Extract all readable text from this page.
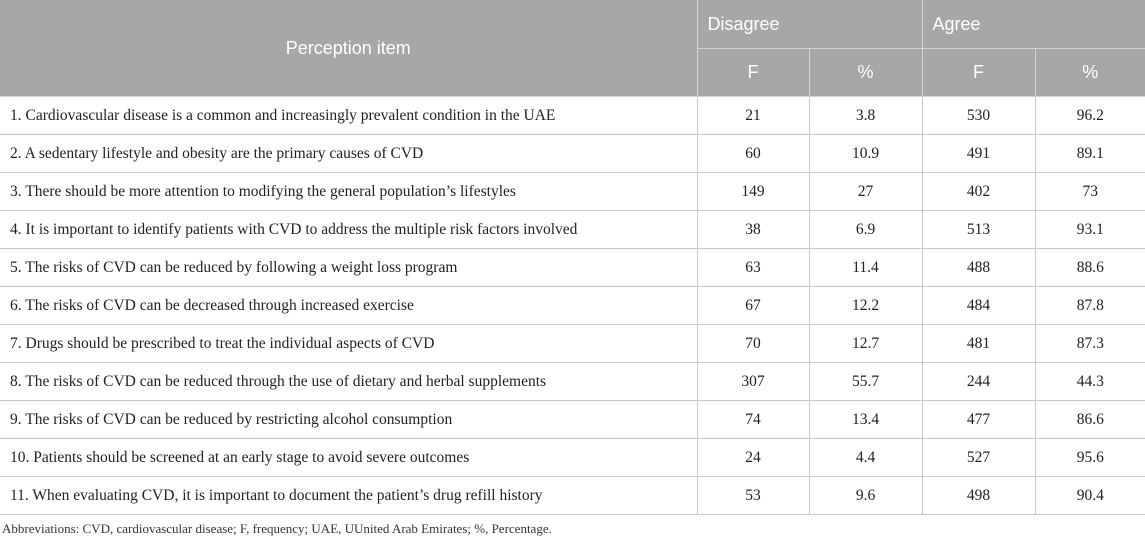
Perception item	Disagree		Agree	
	F	%	F	%
1. Cardiovascular disease is a common and increasingly prevalent condition in the UAE	21	3.8	530	96.2
2. A sedentary lifestyle and obesity are the primary causes of CVD	60	10.9	491	89.1
3. There should be more attention to modifying the general population’s lifestyles	149	27	402	73
4. It is important to identify patients with CVD to address the multiple risk factors involved	38	6.9	513	93.1
5. The risks of CVD can be reduced by following a weight loss program	63	11.4	488	88.6
6. The risks of CVD can be decreased through increased exercise	67	12.2	484	87.8
7. Drugs should be prescribed to treat the individual aspects of CVD	70	12.7	481	87.3
8. The risks of CVD can be reduced through the use of dietary and herbal supplements	307	55.7	244	44.3
9. The risks of CVD can be reduced by restricting alcohol consumption	74	13.4	477	86.6
10. Patients should be screened at an early stage to avoid severe outcomes	24	4.4	527	95.6
11. When evaluating CVD, it is important to document the patient’s drug refill history	53	9.6	498	90.4
Abbreviations: CVD, cardiovascular disease; F, frequency; UAE, UUnited Arab Emirates; %, Percentage.
